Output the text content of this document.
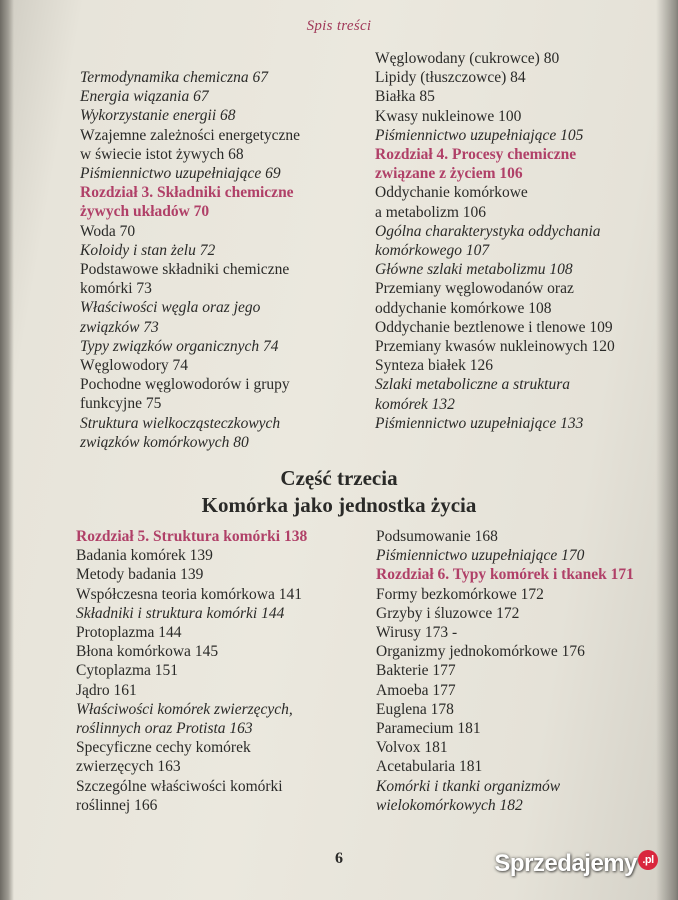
Spis treści
Termodynamika chemiczna 67
Energia wiązania 67
Wykorzystanie energii 68
Wzajemne zależności energetyczne
w świecie istot żywych 68
Piśmiennictwo uzupełniające 69
Rozdział 3. Składniki chemiczne
żywych układów 70
Woda 70
Koloidy i stan żelu 72
Podstawowe składniki chemiczne
komórki 73
Właściwości węgla oraz jego
związków 73
Typy związków organicznych 74
Węglowodory 74
Pochodne węglowodorów i grupy
funkcyjne 75
Struktura wielkocząsteczkowych
związków komórkowych 80
Węglowodany (cukrowce) 80
Lipidy (tłuszczowce) 84
Białka 85
Kwasy nukleinowe 100
Piśmiennictwo uzupełniające 105
Rozdział 4. Procesy chemiczne
związane z życiem 106
Oddychanie komórkowe
a metabolizm 106
Ogólna charakterystyka oddychania
komórkowego 107
Główne szlaki metabolizmu 108
Przemiany węglowodanów oraz
oddychanie komórkowe 108
Oddychanie beztlenowe i tlenowe 109
Przemiany kwasów nukleinowych 120
Synteza białek 126
Szlaki metaboliczne a struktura
komórek 132
Piśmiennictwo uzupełniające 133
Część trzecia
Komórka jako jednostka życia
Rozdział 5. Struktura komórki 138
Badania komórek 139
Metody badania 139
Współczesna teoria komórkowa 141
Składniki i struktura komórki 144
Protoplazma 144
Błona komórkowa 145
Cytoplazma 151
Jądro 161
Właściwości komórek zwierzęcych,
roślinnych oraz Protista 163
Specyficzne cechy komórek
zwierzęcych 163
Szczególne właściwości komórki
roślinnej 166
Podsumowanie 168
Piśmiennictwo uzupełniające 170
Rozdział 6. Typy komórek i tkanek 171
Formy bezkomórkowe 172
Grzyby i śluzowce 172
Wirusy 173 -
Organizmy jednokomórkowe 176
Bakterie 177
Amoeba 177
Euglena 178
Paramecium 181
Volvox 181
Acetabularia 181
Komórki i tkanki organizmów
wielokomórkowych 182
6	Sprzedajemy .pl
